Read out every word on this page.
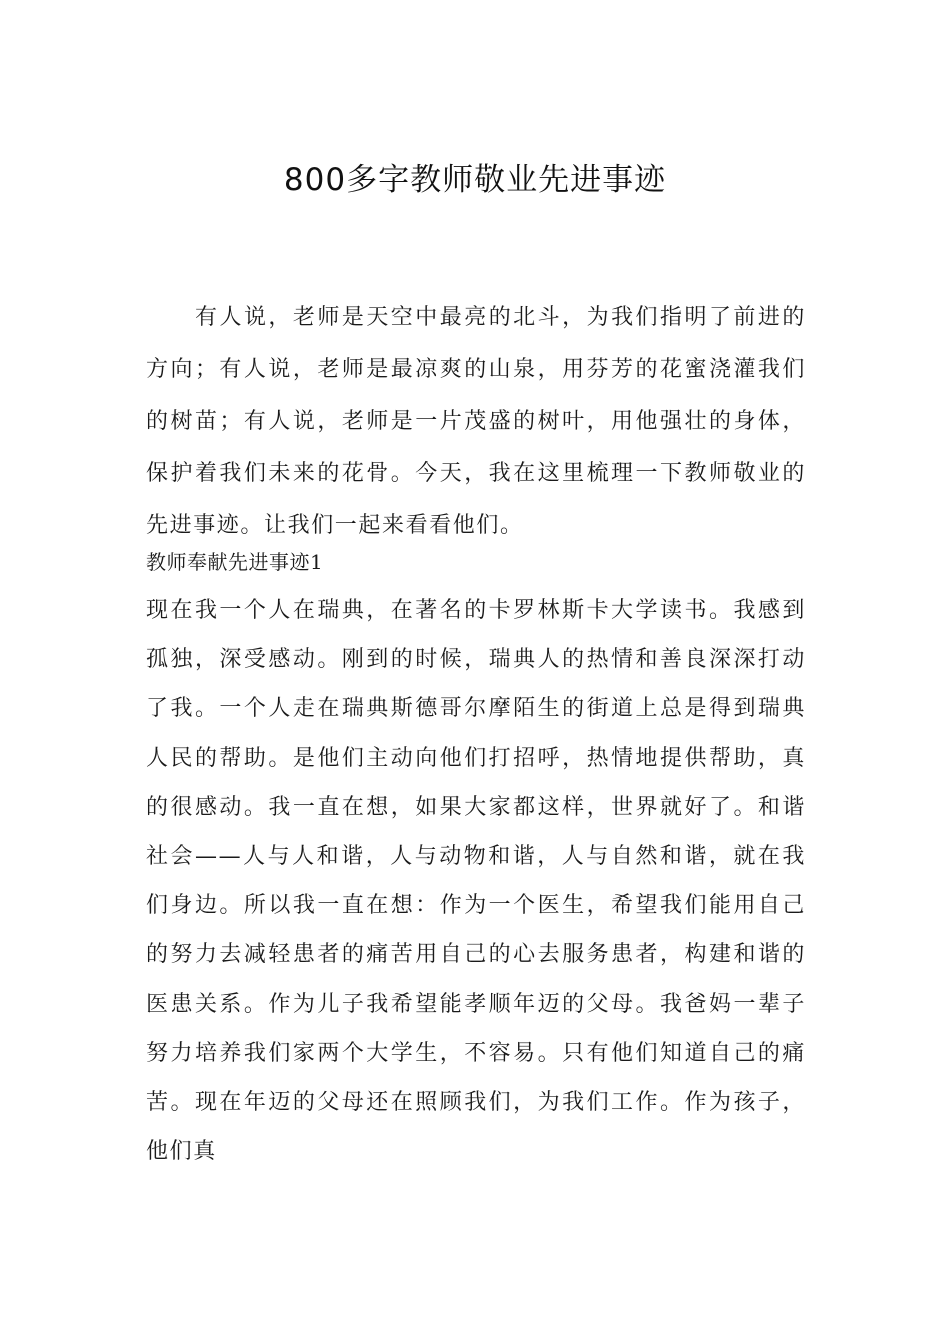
800多字教师敬业先进事迹

有人说，老师是天空中最亮的北斗，为我们指明了前进的方向；有人说，老师是最凉爽的山泉，用芬芳的花蜜浇灌我们的树苗；有人说，老师是一片茂盛的树叶，用他强壮的身体，保护着我们未来的花骨。今天，我在这里梳理一下教师敬业的先进事迹。让我们一起来看看他们。

教师奉献先进事迹1

现在我一个人在瑞典，在著名的卡罗林斯卡大学读书。我感到孤独，深受感动。刚到的时候，瑞典人的热情和善良深深打动了我。一个人走在瑞典斯德哥尔摩陌生的街道上总是得到瑞典人民的帮助。是他们主动向他们打招呼，热情地提供帮助，真的很感动。我一直在想，如果大家都这样，世界就好了。和谐社会——人与人和谐，人与动物和谐，人与自然和谐，就在我们身边。所以我一直在想：作为一个医生，希望我们能用自己的努力去减轻患者的痛苦用自己的心去服务患者，构建和谐的医患关系。作为儿子我希望能孝顺年迈的父母。我爸妈一辈子努力培养我们家两个大学生，不容易。只有他们知道自己的痛苦。现在年迈的父母还在照顾我们，为我们工作。作为孩子，他们真
